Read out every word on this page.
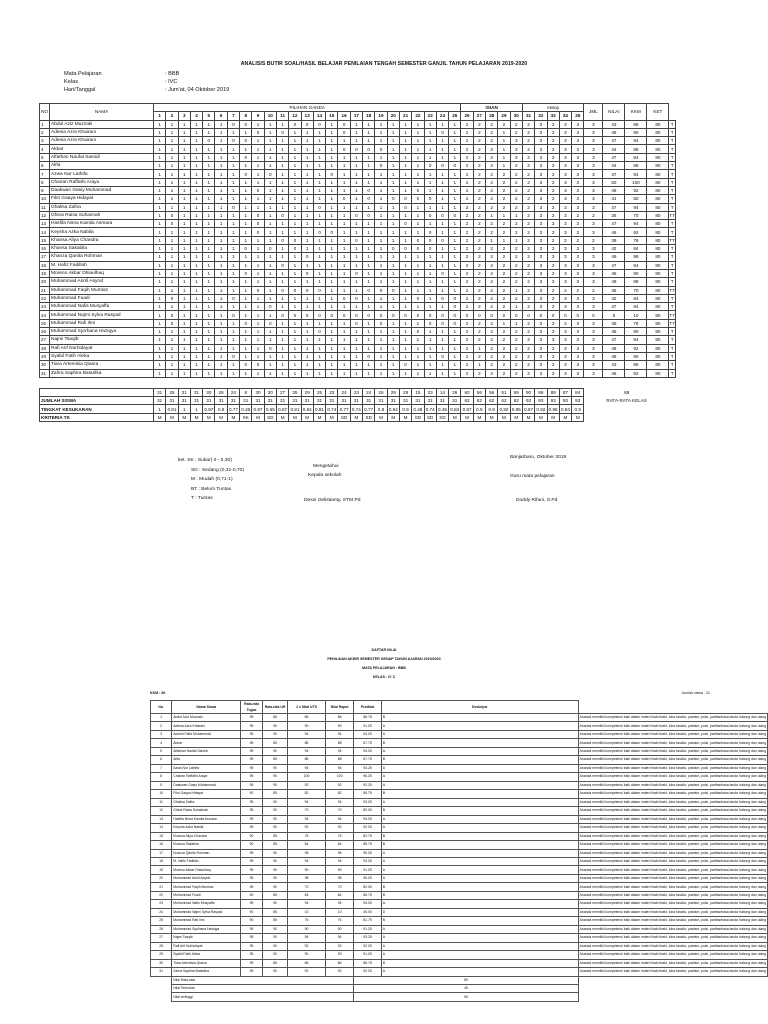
ANALISIS BUTIR SOAL/HASIL BELAJAR PENILAIAN TENGAH SEMESTER GANJIL TAHUN PELAJARAN 2019-2020
Mata Pelajaran	: BBB
Kelas	: IVC
Hari/Tanggal	: Jum'at, 04 Oktober 2019
NO	NAMA	PILIHAN GANDA																									ISIAN					essay					JML	NILAI	KKM	KET	
		1	2	3	4	5	6	7	8	9	10	11	12	13	14	15	16	17	18	19	20	21	22	23	24	25	26	27	28	29	30	31	32	33	34	35					
1	Abdul Aziz Muzzaki	1	1	1	1	1	1	0	0	1	1	1	0	0	0	1	0	1	1	1	1	1	1	1	1	1	2	2	2	2	2	2	3	3	3	3	3	43	88	80	T
2	Adenia Azra Khairani	1	1	1	1	1	1	1	1	0	1	0	1	1	1	1	0	1	1	1	1	1	1	1	0	1	2	2	2	1	2	2	3	3	3	3	3	45	90	80	T
3	Adenia Azra Khairani	1	1	1	1	0	1	0	0	1	1	1	1	1	1	1	1	1	1	1	1	1	1	1	1	1	2	2	2	1	3	2	3	3	3	3	3	47	94	80	T
4	Akbar	1	1	1	1	1	1	1	1	1	1	1	1	1	1	1	0	0	0	0	1	1	1	1	1	1	2	2	3	1	3	2	3	3	3	3	3	44	88	80	T
5	Alfathan Naufal Samidi	1	1	1	1	1	1	1	0	1	1	1	1	1	1	1	1	1	1	1	1	1	1	1	1	1	2	2	3	1	3	2	3	3	3	3	3	47	94	80	T
6	Alifa	1	1	1	1	1	1	1	1	1	1	1	1	1	1	1	1	1	1	0	1	1	1	0	0	0	2	2	2	1	2	2	3	3	3	3	3	44	88	80	T
7	Azwa Nur Lathifa	1	1	1	1	1	1	1	0	1	0	1	1	1	1	0	1	1	1	1	1	1	1	1	1	1	2	2	2	2	2	2	3	3	3	3	3	47	94	80	T
8	Chairan Raffathi Araya	1	1	1	1	1	1	1	1	1	1	1	1	1	1	1	1	1	1	1	1	1	1	1	1	1	2	2	2	2	2	2	3	3	3	3	3	50	100	80	T
9	Daakwan Gasiy Muhammad	1	1	1	1	1	1	1	1	0	1	1	1	1	1	1	1	1	0	1	1	1	0	1	1	1	2	2	2	2	2	2	3	3	3	3	3	46	92	80	T
10	Fikri Gaaya Hidayat	1	1	1	1	1	1	1	1	1	1	1	1	1	1	1	0	1	0	1	0	0	0	0	1	1	2	2	2	2	2	2	3	3	3	3	3	41	82	80	T
11	Ghalisa Zafira	1	1	1	1	1	1	0	1	1	1	1	1	1	0	1	1	1	1	1	1	0	1	1	1	1	2	2	2	2	2	2	3	3	3	3	3	47	94	80	T
12	Ghina Raisa Suhaimah	1	0	1	1	1	1	1	1	0	1	0	1	1	1	1	1	0	0	1	1	1	1	0	0	0	2	2	1	1	1	2	3	3	3	2	2	35	70	80	TT
13	Hasfifa Nirna Kamila Asmara	1	0	1	1	1	1	1	1	0	1	1	1	1	1	1	1	1	1	1	1	0	1	1	1	1	2	2	2	2	2	2	3	3	3	3	3	47	94	80	T
14	Keysha Azka Nabila	1	1	1	1	1	1	1	1	0	1	1	1	1	0	0	1	1	1	1	1	1	1	0	1	1	2	2	2	2	2	2	3	3	3	3	3	46	92	80	T
15	Khansa Aliya Chandra	1	1	1	1	1	1	1	1	1	1	0	0	1	1	1	1	0	1	1	1	1	0	0	0	1	2	2	1	1	1	2	3	2	2	2	2	39	78	80	TT
16	Khansa Sakabila	1	1	1	1	1	1	1	0	1	0	1	0	1	1	1	1	1	1	1	0	0	0	0	1	1	2	2	2	2	2	2	3	3	3	3	3	42	84	80	T
17	Khanza Qanita Rohman	1	1	1	1	1	1	1	1	1	1	1	1	0	1	1	1	1	1	1	1	1	1	1	1	1	2	2	2	2	2	2	3	3	3	3	3	49	98	80	T
18	M. Hafiz Fadillah	1	1	1	1	1	1	1	1	1	1	0	1	1	1	1	1	1	1	1	1	1	1	1	1	1	2	2	2	2	2	2	3	3	3	3	3	47	94	80	T
19	Moreno Akbar Dhiaulhaq	1	1	1	1	1	1	1	0	1	1	1	1	0	1	1	1	0	1	1	1	1	1	1	0	1	2	2	2	2	2	2	3	3	3	3	3	45	90	80	T
20	Muhammad Asrril Asyraf	1	1	1	1	1	1	1	1	1	1	1	1	1	1	1	1	1	1	1	1	1	1	1	1	1	2	2	2	2	2	2	3	3	3	3	3	49	98	80	T
21	Muhammad Faqih Mumtaz	1	1	1	1	1	1	1	1	0	1	0	0	0	0	1	1	1	0	0	0	1	1	1	1	1	2	2	2	2	1	2	3	2	2	2	2	35	70	80	TT
22	Muhammad Fuadi	1	0	1	1	1	1	0	1	1	1	1	1	1	1	1	0	0	1	1	1	1	0	1	0	0	2	2	2	2	2	2	3	3	3	3	3	42	84	80	T
23	Muhammad Nafis Musyaffa	1	1	1	1	1	1	1	1	1	0	1	1	1	1	1	1	1	1	1	1	1	1	1	1	0	2	2	2	2	1	2	3	3	3	3	3	47	94	80	T
24	Muhammad Najmi Sylva Rasyad	1	0	1	1	1	1	0	1	1	1	0	0	0	0	0	0	0	0	0	0	0	0	0	0	0	0	0	0	0	0	0	0	0	0	0	0	5	10	80	TT
25	Muhammad Rafi Ilmi	1	0	1	1	1	1	1	0	1	0	1	1	1	1	1	1	0	1	0	1	1	1	0	0	0	2	2	2	1	1	2	3	3	2	3	3	38	76	80	TT
26	Muhammad Sya'bana Haziqya	1	1	1	1	1	1	1	1	1	1	1	1	1	0	1	1	1	1	1	1	1	0	1	1	1	2	2	2	2	2	2	3	3	3	3	3	45	90	80	T
27	Najmi Tsaqib	1	1	1	1	1	1	1	1	1	1	1	1	1	1	1	1	1	1	1	1	1	1	1	1	1	2	2	2	2	2	2	3	3	3	3	3	47	94	80	T
28	Rafi Arif Nurhidayat	1	1	1	1	1	1	1	1	1	0	1	1	1	1	1	1	1	1	1	1	1	1	1	1	1	2	1	2	2	2	2	3	3	3	3	3	46	92	80	T
29	Syabil Fatih Aleka	1	1	1	1	1	1	0	1	1	1	1	1	1	1	1	1	1	0	1	1	1	1	1	0	1	2	2	2	2	2	2	3	3	3	3	3	45	90	80	T
30	Tiara Artemisia Qiasra	1	1	1	1	1	1	1	0	0	1	1	1	1	1	1	1	1	1	1	1	0	1	1	1	1	2	1	2	2	2	2	3	3	3	3	3	43	86	80	T
31	Zahra Saphira Batarilka	1	1	1	1	1	1	1	1	1	1	1	1	1	1	1	1	1	1	1	1	1	1	1	1	1	2	2	2	2	2	2	3	3	3	3	3	46	92	80	T

		31	25	31	31	30	26	24	8	30	20	27	25	29	25	23	24	23	24	26	29	28	15	23	14	26	60	56	56	51	59	90	86	89	87	84	88				
JUMLAH SISWA		31	31	31	31	31	31	31	31	31	31	31	31	31	31	31	31	31	31	31	31	31	31	31	31	31	62	62	62	62	62	93	93	93	93	93	RATA-RATA KELAS				
TINGKAT KESUKARAN		1	0.81	1	1	0.97	0.9	0.77	0.26	0.97	0.65	0.87	0.81	0.94	0.81	0.74	0.77	0.74	0.77	0.8	0.94	0.9	0.48	0.74	0.45	0.84	0.97	0.9	0.9	0.82	0.95	0.97	0.92	0.96	0.94	0.9					
KRITERIA TK		M	M	M	M	M	M	M	SK	M	SD	M	M	M	M	M	SD	M	SD	M	M	M	SD	SD	SD	M	M	M	M	M	M	M	M	M	M	M					
ket. SK : Sukar( 0 - 0,30)
SD : Sedang (0,31-0,70)
M : Mudah (0,71-1)
BT : Belum Tuntas
T : Tuntas
Mengetahui
Kepala sekolah
Dessi Oelistianty, STM.Pd
Banjarbaru, Oktober 2019
Guru mata pelajaran
Doddy Rifani, S.Pd
DAFTAR NILAI
PENILAIAN AKHIR SEMESTER GENAP TAHUN AJARAN 2019/2020
MATA PELAJARAN : BBB
KELAS : IV C
KKM : 80	Jumlah siswa : 31
No.	Nama Siswa	Rata-rata Tugas	Rata-rata UH	2 x Nilai UTS	Nilai Rapot	Predikat	Deskripsi	
1	Abdul Aziz Muzzaki	95	85	86	86	86.75	B	Ananda memiliki kompetensi baik dalam materi lirabi tirabi, luba taraklo, paelam, puisi, parifasrhasa landa hubung dan ulang
2	Adenia Azra Khairani	95	90	90	90	91.25	A	Ananda memiliki kompetensi baik dalam materi lirabi tirabi, luba taraklo, paelam, puisi, parifasrhasa landa hubung dan ulang
3	Adzriel Fathi Muhammad	95	90	94	94	93.25	A	Ananda memiliki kompetensi baik dalam materi lirabi tirabi, luba taraklo, paelam, puisi, parifasrhasa landa hubung dan ulang
4	Akbar	95	85	88	88	87.75	B	Ananda memiliki kompetensi baik dalam materi lirabi tirabi, luba taraklo, paelam, puisi, parifasrhasa landa hubung dan ulang
5	Alfathan Naufal Samidi	95	90	94	94	93.25	A	Ananda memiliki kompetensi baik dalam materi lirabi tirabi, luba taraklo, paelam, puisi, parifasrhasa landa hubung dan ulang
6	Alifa	95	85	88	88	87.75	B	Ananda memiliki kompetensi baik dalam materi lirabi tirabi, luba taraklo, paelam, puisi, parifasrhasa landa hubung dan ulang
7	Azwa Nur Lathifa	95	90	94	94	93.25	A	Ananda memiliki kompetensi baik dalam materi lirabi tirabi, luba taraklo, paelam, puisi, parifasrhasa landa hubung dan ulang
8	Chairan Raffathi Araya	95	90	100	100	96.25	A	Ananda memiliki kompetensi baik dalam materi lirabi tirabi, luba taraklo, paelam, puisi, parifasrhasa landa hubung dan ulang
9	Daakwan Gasiy Muhammad	95	90	92	92	92.25	A	Ananda memiliki kompetensi baik dalam materi lirabi tirabi, luba taraklo, paelam, puisi, parifasrhasa landa hubung dan ulang
10	Fikri Gaaya Hidayat	90	85	82	82	85.75	B	Ananda memiliki kompetensi baik dalam materi lirabi tirabi, luba taraklo, paelam, puisi, parifasrhasa landa hubung dan ulang
11	Ghalisa Zafira	95	90	94	94	93.25	A	Ananda memiliki kompetensi baik dalam materi lirabi tirabi, luba taraklo, paelam, puisi, parifasrhasa landa hubung dan ulang
12	Ghina Raisa Suhaimah	95	90	70	70	80.00	B	Ananda memiliki kompetensi baik dalam materi lirabi tirabi, luba taraklo, paelam, puisi, parifasrhasa landa hubung dan ulang
13	Hasfifa Nirna Kamila Asmara	95	90	94	94	93.25	A	Ananda memiliki kompetensi baik dalam materi lirabi tirabi, luba taraklo, paelam, puisi, parifasrhasa landa hubung dan ulang
14	Keysha Azka Nabila	95	90	92	92	92.25	A	Ananda memiliki kompetensi baik dalam materi lirabi tirabi, luba taraklo, paelam, puisi, parifasrhasa landa hubung dan ulang
15	Khansa Aliya Chandra	90	85	78	78	82.75	B	Ananda memiliki kompetensi baik dalam materi lirabi tirabi, luba taraklo, paelam, puisi, parifasrhasa landa hubung dan ulang
16	Khansa Sakabila	90	85	84	84	85.75	B	Ananda memiliki kompetensi baik dalam materi lirabi tirabi, luba taraklo, paelam, puisi, parifasrhasa landa hubung dan ulang
17	Khanza Qanita Rohman	95	90	98	98	95.25	A	Ananda memiliki kompetensi baik dalam materi lirabi tirabi, luba taraklo, paelam, puisi, parifasrhasa landa hubung dan ulang
18	M. Hafiz Fadillah	95	90	94	94	93.25	A	Ananda memiliki kompetensi baik dalam materi lirabi tirabi, luba taraklo, paelam, puisi, parifasrhasa landa hubung dan ulang
19	Moreno Akbar Dhiaulhaq	95	90	90	90	91.25	A	Ananda memiliki kompetensi baik dalam materi lirabi tirabi, luba taraklo, paelam, puisi, parifasrhasa landa hubung dan ulang
20	Muhammad Asrril Asyraf	95	90	98	98	95.25	A	Ananda memiliki kompetensi baik dalam materi lirabi tirabi, luba taraklo, paelam, puisi, parifasrhasa landa hubung dan ulang
21	Muhammad Faqih Mumtaz	95	90	70	70	80.00	B	Ananda memiliki kompetensi baik dalam materi lirabi tirabi, luba taraklo, paelam, puisi, parifasrhasa landa hubung dan ulang
22	Muhammad Fuadi	90	85	84	84	85.75	B	Ananda memiliki kompetensi baik dalam materi lirabi tirabi, luba taraklo, paelam, puisi, parifasrhasa landa hubung dan ulang
23	Muhammad Nafis Musyaffa	95	90	94	94	93.25	A	Ananda memiliki kompetensi baik dalam materi lirabi tirabi, luba taraklo, paelam, puisi, parifasrhasa landa hubung dan ulang
24	Muhammad Najmi Sylva Rasyad	90	85	10	10	45.00	D	Ananda memiliki kompetensi baik dalam materi lirabi tirabi, luba taraklo, paelam, puisi, parifasrhasa landa hubung dan ulang
25	Muhammad Rafi Ilmi	90	85	76	76	81.75	B	Ananda memiliki kompetensi baik dalam materi lirabi tirabi, luba taraklo, paelam, puisi, parifasrhasa landa hubung dan ulang
26	Muhammad Sya'bana Haziqya	95	90	90	90	91.25	A	Ananda memiliki kompetensi baik dalam materi lirabi tirabi, luba taraklo, paelam, puisi, parifasrhasa landa hubung dan ulang
27	Najmi Tsaqib	95	90	94	94	93.25	A	Ananda memiliki kompetensi baik dalam materi lirabi tirabi, luba taraklo, paelam, puisi, parifasrhasa landa hubung dan ulang
28	Rafi Arif Nurhidayat	95	90	92	92	92.25	A	Ananda memiliki kompetensi baik dalam materi lirabi tirabi, luba taraklo, paelam, puisi, parifasrhasa landa hubung dan ulang
29	Syabil Fatih Aleka	95	90	90	90	91.25	A	Ananda memiliki kompetensi baik dalam materi lirabi tirabi, luba taraklo, paelam, puisi, parifasrhasa landa hubung dan ulang
30	Tiara Artemisia Qiasra	95	85	86	86	86.75	B	Ananda memiliki kompetensi baik dalam materi lirabi tirabi, luba taraklo, paelam, puisi, parifasrhasa landa hubung dan ulang
31	Zahra Saphira Batarilka	95	90	92	92	92.25	A	Ananda memiliki kompetensi baik dalam materi lirabi tirabi, luba taraklo, paelam, puisi, parifasrhasa landa hubung dan ulang
	Nilai Rata-rata					89		
	Nilai Terendah					45		
	Nilai tertinggi					96		
